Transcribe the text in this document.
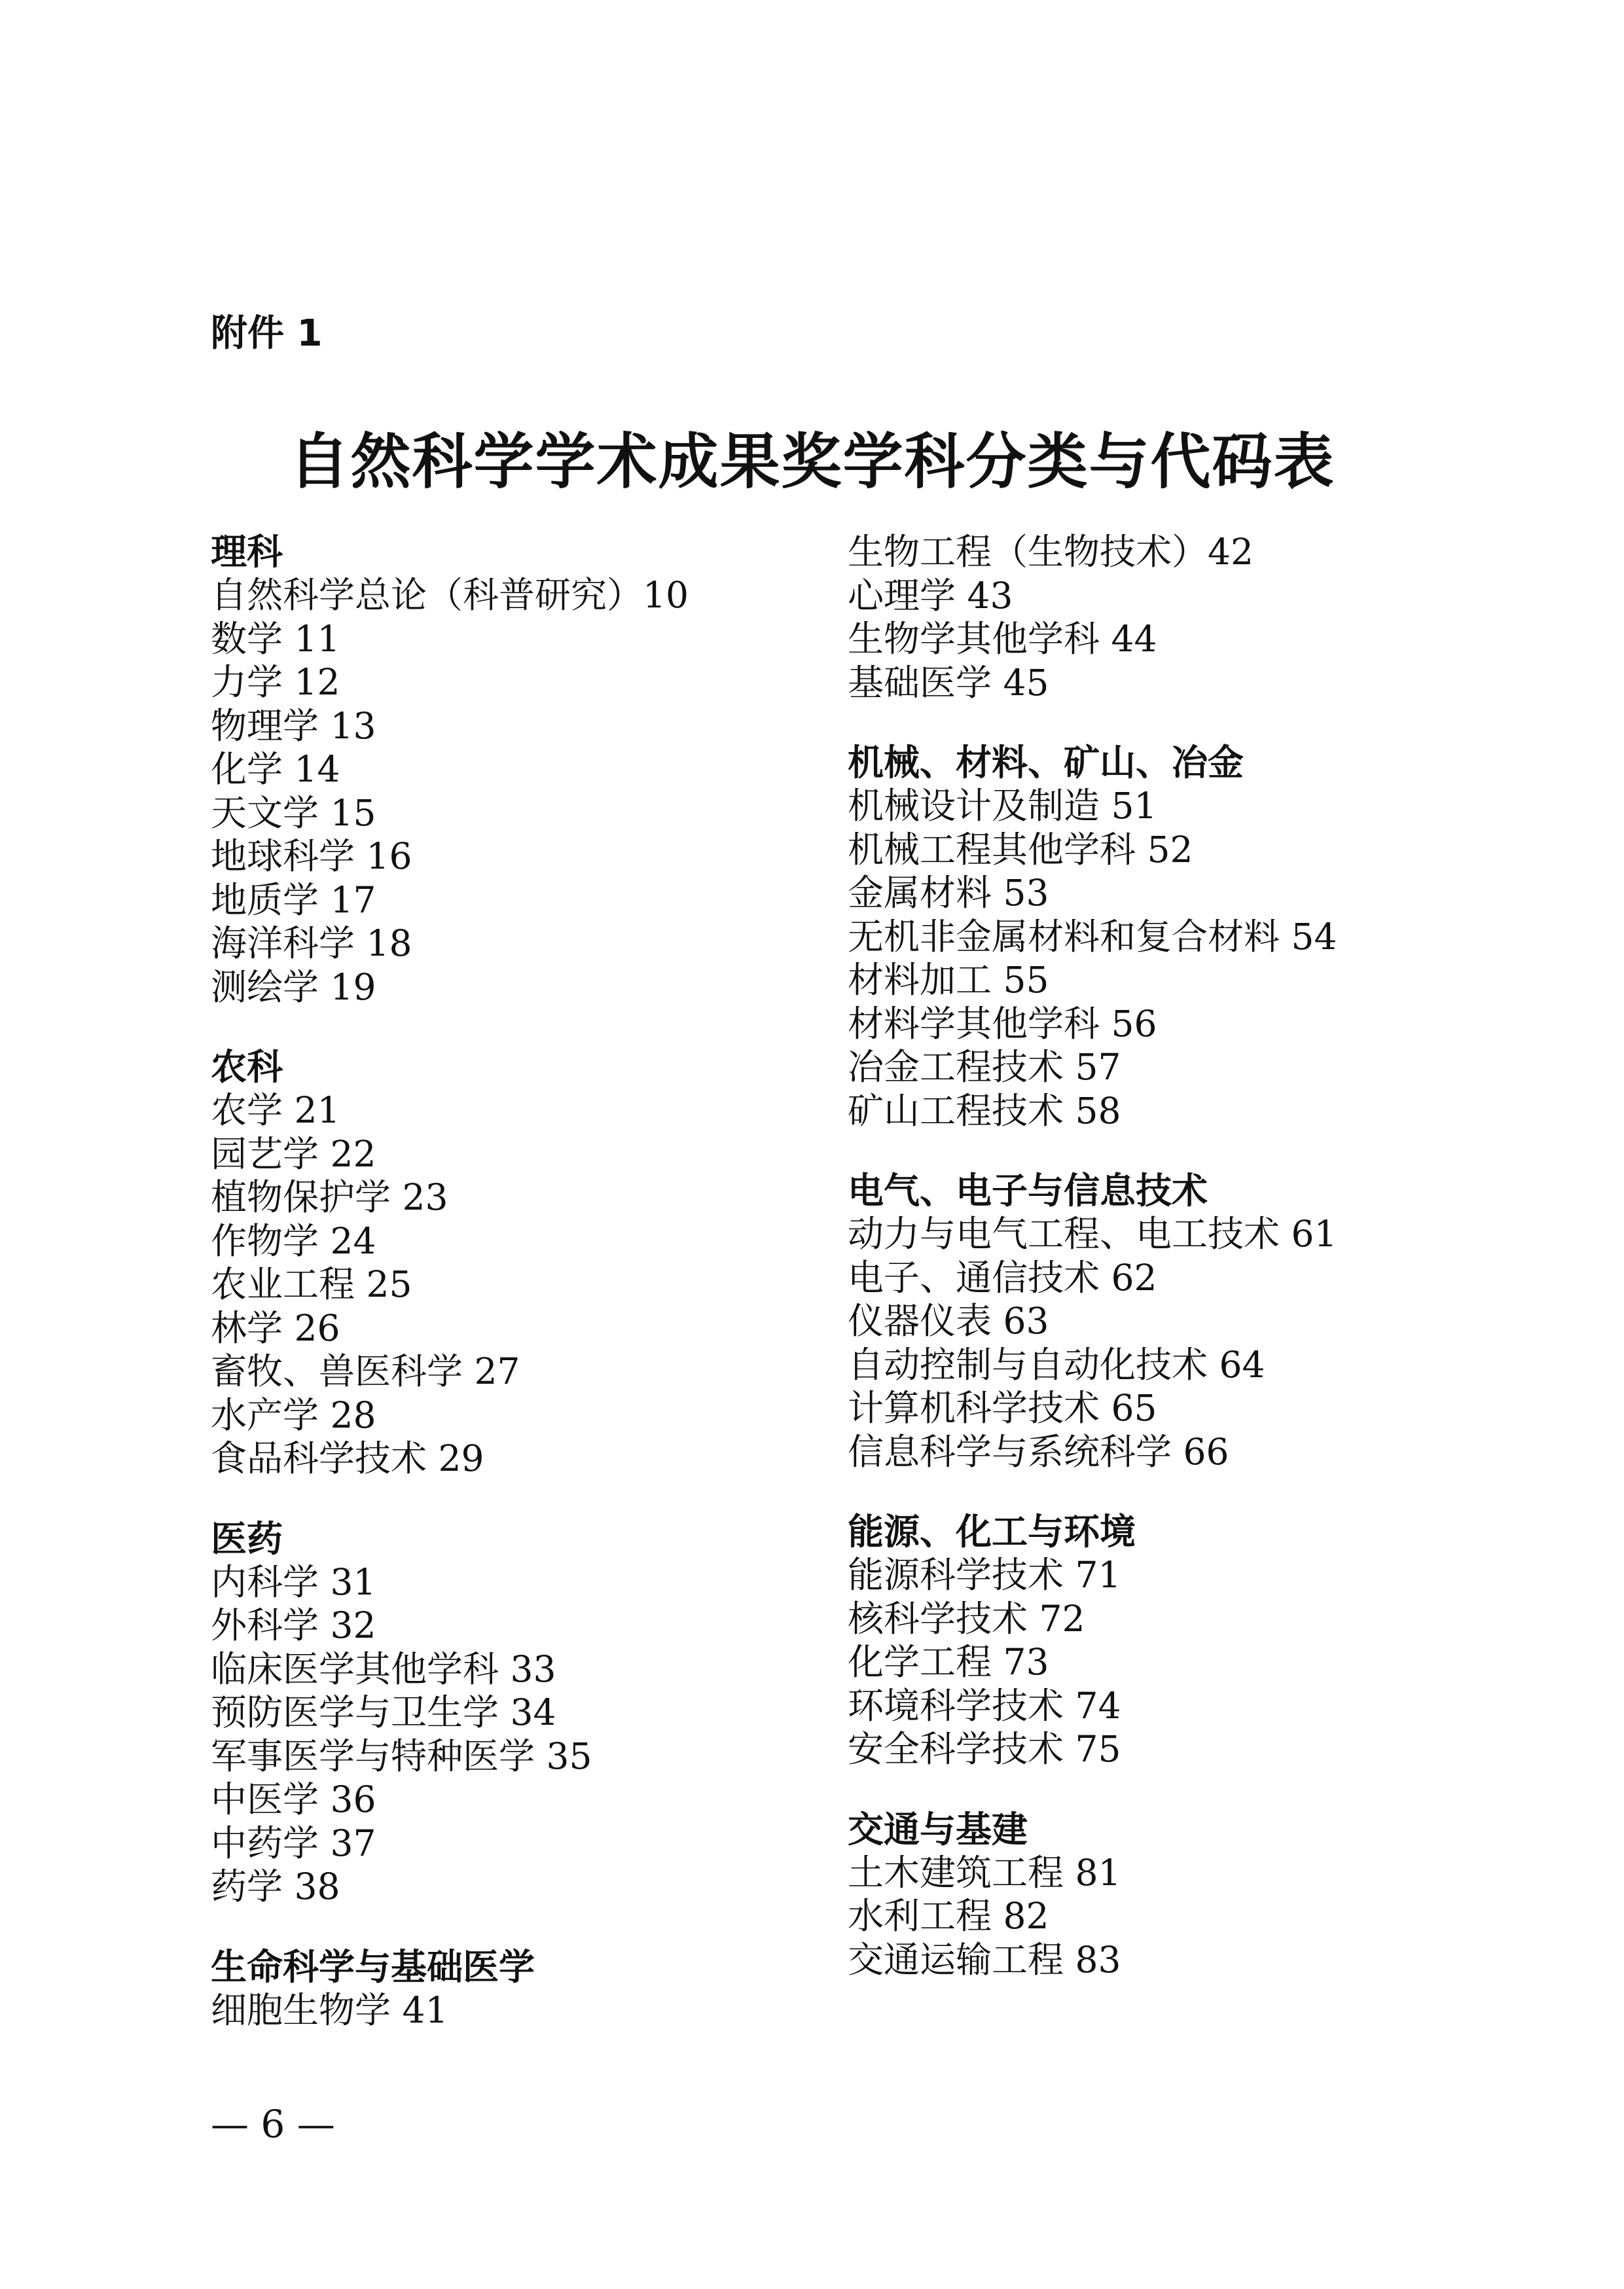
附件 1
自然科学学术成果奖学科分类与代码表
理科
自然科学总论（科普研究）10
数学 11
力学 12
物理学 13
化学 14
天文学 15
地球科学 16
地质学 17
海洋科学 18
测绘学 19
农科
农学 21
园艺学 22
植物保护学 23
作物学 24
农业工程 25
林学 26
畜牧、兽医科学 27
水产学 28
食品科学技术 29
医药
内科学 31
外科学 32
临床医学其他学科 33
预防医学与卫生学 34
军事医学与特种医学 35
中医学 36
中药学 37
药学 38
生命科学与基础医学
细胞生物学 41
生物工程（生物技术）42
心理学 43
生物学其他学科 44
基础医学 45
机械、材料、矿山、冶金
机械设计及制造 51
机械工程其他学科 52
金属材料 53
无机非金属材料和复合材料 54
材料加工 55
材料学其他学科 56
冶金工程技术 57
矿山工程技术 58
电气、电子与信息技术
动力与电气工程、电工技术 61
电子、通信技术 62
仪器仪表 63
自动控制与自动化技术 64
计算机科学技术 65
信息科学与系统科学 66
能源、化工与环境
能源科学技术 71
核科学技术 72
化学工程 73
环境科学技术 74
安全科学技术 75
交通与基建
土木建筑工程 81
水利工程 82
交通运输工程 83
— 6 —
